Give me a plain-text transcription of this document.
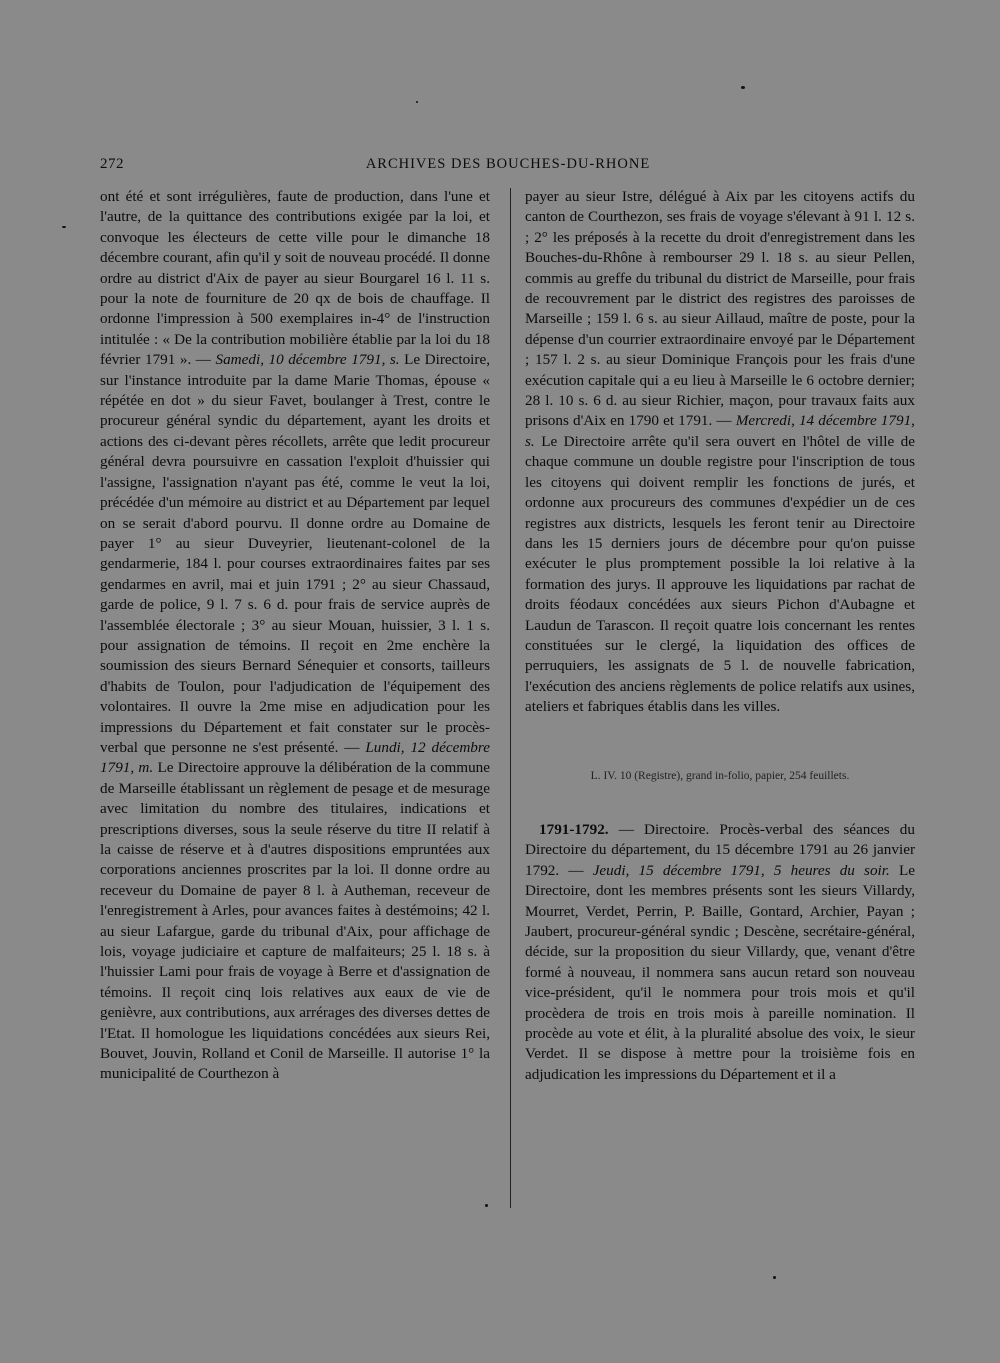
272	ARCHIVES DES BOUCHES-DU-RHONE

ont été et sont irrégulières, faute de production, dans l'une et l'autre, de la quittance des contributions exigée par la loi, et convoque les électeurs de cette ville pour le dimanche 18 décembre courant, afin qu'il y soit de nouveau procédé. Il donne ordre au district d'Aix de payer au sieur Bourgarel 16 l. 11 s. pour la note de fourniture de 20 qx de bois de chauffage. Il ordonne l'impression à 500 exemplaires in-4° de l'instruction intitulée : « De la contribution mobilière établie par la loi du 18 février 1791 ». — Samedi, 10 décembre 1791, s. Le Directoire, sur l'instance introduite par la dame Marie Thomas, épouse « répétée en dot » du sieur Favet, boulanger à Trest, contre le procureur général syndic du département, ayant les droits et actions des ci-devant pères récollets, arrête que ledit procureur général devra poursuivre en cassation l'exploit d'huissier qui l'assigne, l'assignation n'ayant pas été, comme le veut la loi, précédée d'un mémoire au district et au Département par lequel on se serait d'abord pourvu. Il donne ordre au Domaine de payer 1° au sieur Duveyrier, lieutenant-colonel de la gendarmerie, 184 l. pour courses extraordinaires faites par ses gendarmes en avril, mai et juin 1791 ; 2° au sieur Chassaud, garde de police, 9 l. 7 s. 6 d. pour frais de service auprès de l'assemblée électorale ; 3° au sieur Mouan, huissier, 3 l. 1 s. pour assignation de témoins. Il reçoit en 2me enchère la soumission des sieurs Bernard Sénequier et consorts, tailleurs d'habits de Toulon, pour l'adjudication de l'équipement des volontaires. Il ouvre la 2me mise en adjudication pour les impressions du Département et fait constater sur le procès-verbal que personne ne s'est présenté. — Lundi, 12 décembre 1791, m. Le Directoire approuve la délibération de la commune de Marseille établissant un règlement de pesage et de mesurage avec limitation du nombre des titulaires, indications et prescriptions diverses, sous la seule réserve du titre II relatif à la caisse de réserve et à d'autres dispositions empruntées aux corporations anciennes proscrites par la loi. Il donne ordre au receveur du Domaine de payer 8 l. à Autheman, receveur de l'enregistrement à Arles, pour avances faites à destémoins; 42 l. au sieur Lafargue, garde du tribunal d'Aix, pour affichage de lois, voyage judiciaire et capture de malfaiteurs; 25 l. 18 s. à l'huissier Lami pour frais de voyage à Berre et d'assignation de témoins. Il reçoit cinq lois relatives aux eaux de vie de genièvre, aux contributions, aux arrérages des diverses dettes de l'Etat. Il homologue les liquidations concédées aux sieurs Rei, Bouvet, Jouvin, Rolland et Conil de Marseille. Il autorise 1° la municipalité de Courthezon à

payer au sieur Istre, délégué à Aix par les citoyens actifs du canton de Courthezon, ses frais de voyage s'élevant à 91 l. 12 s. ; 2° les préposés à la recette du droit d'enregistrement dans les Bouches-du-Rhône à rembourser 29 l. 18 s. au sieur Pellen, commis au greffe du tribunal du district de Marseille, pour frais de recouvrement par le district des registres des paroisses de Marseille ; 159 l. 6 s. au sieur Aillaud, maître de poste, pour la dépense d'un courrier extraordinaire envoyé par le Département ; 157 l. 2 s. au sieur Dominique François pour les frais d'une exécution capitale qui a eu lieu à Marseille le 6 octobre dernier; 28 l. 10 s. 6 d. au sieur Richier, maçon, pour travaux faits aux prisons d'Aix en 1790 et 1791. — Mercredi, 14 décembre 1791, s. Le Directoire arrête qu'il sera ouvert en l'hôtel de ville de chaque commune un double registre pour l'inscription de tous les citoyens qui doivent remplir les fonctions de jurés, et ordonne aux procureurs des communes d'expédier un de ces registres aux districts, lesquels les feront tenir au Directoire dans les 15 derniers jours de décembre pour qu'on puisse exécuter le plus promptement possible la loi relative à la formation des jurys. Il approuve les liquidations par rachat de droits féodaux concédées aux sieurs Pichon d'Aubagne et Laudun de Tarascon. Il reçoit quatre lois concernant les rentes constituées sur le clergé, la liquidation des offices de perruquiers, les assignats de 5 l. de nouvelle fabrication, l'exécution des anciens règlements de police relatifs aux usines, ateliers et fabriques établis dans les villes.

L. IV. 10 (Registre), grand in-folio, papier, 254 feuillets.

1791-1792. — Directoire. Procès-verbal des séances du Directoire du département, du 15 décembre 1791 au 26 janvier 1792. — Jeudi, 15 décembre 1791, 5 heures du soir. Le Directoire, dont les membres présents sont les sieurs Villardy, Mourret, Verdet, Perrin, P. Baille, Gontard, Archier, Payan ; Jaubert, procureur-général syndic ; Descène, secrétaire-général, décide, sur la proposition du sieur Villardy, que, venant d'être formé à nouveau, il nommera sans aucun retard son nouveau vice-président, qu'il le nommera pour trois mois et qu'il procèdera de trois en trois mois à pareille nomination. Il procède au vote et élit, à la pluralité absolue des voix, le sieur Verdet. Il se dispose à mettre pour la troisième fois en adjudication les impressions du Département et il a
